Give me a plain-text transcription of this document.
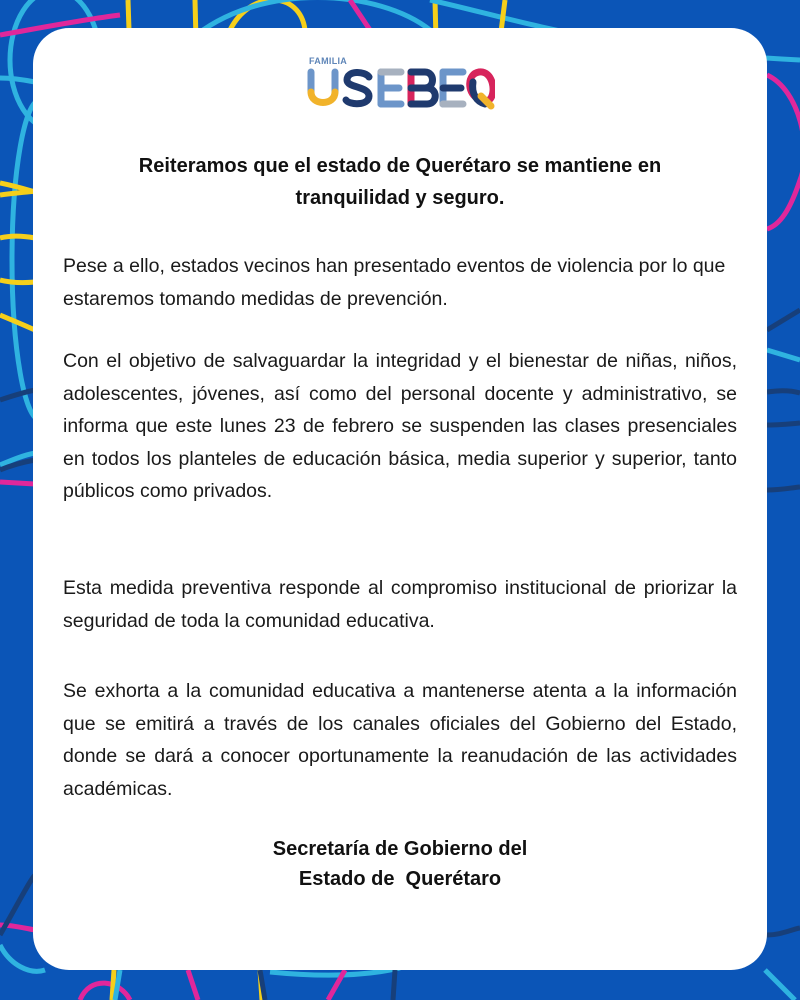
FAMILIA
Reiteramos que el estado de Querétaro se mantiene en
tranquilidad y seguro.
Pese a ello, estados vecinos han presentado eventos de violencia por lo que estaremos tomando medidas de prevención.
Con el objetivo de salvaguardar la integridad y el bienestar de niñas, niños, adolescentes, jóvenes, así como del personal docente y administrativo, se informa que este lunes 23 de febrero se suspenden las clases presenciales en todos los planteles de educación básica, media superior y superior, tanto públicos como privados.
Esta medida preventiva responde al compromiso institucional de priorizar la seguridad de toda la comunidad educativa.
Se exhorta a la comunidad educativa a mantenerse atenta a la información que se emitirá a través de los canales oficiales del Gobierno del Estado, donde se dará a conocer oportunamente la reanudación de las actividades académicas.
Secretaría de Gobierno del
Estado de  Querétaro
